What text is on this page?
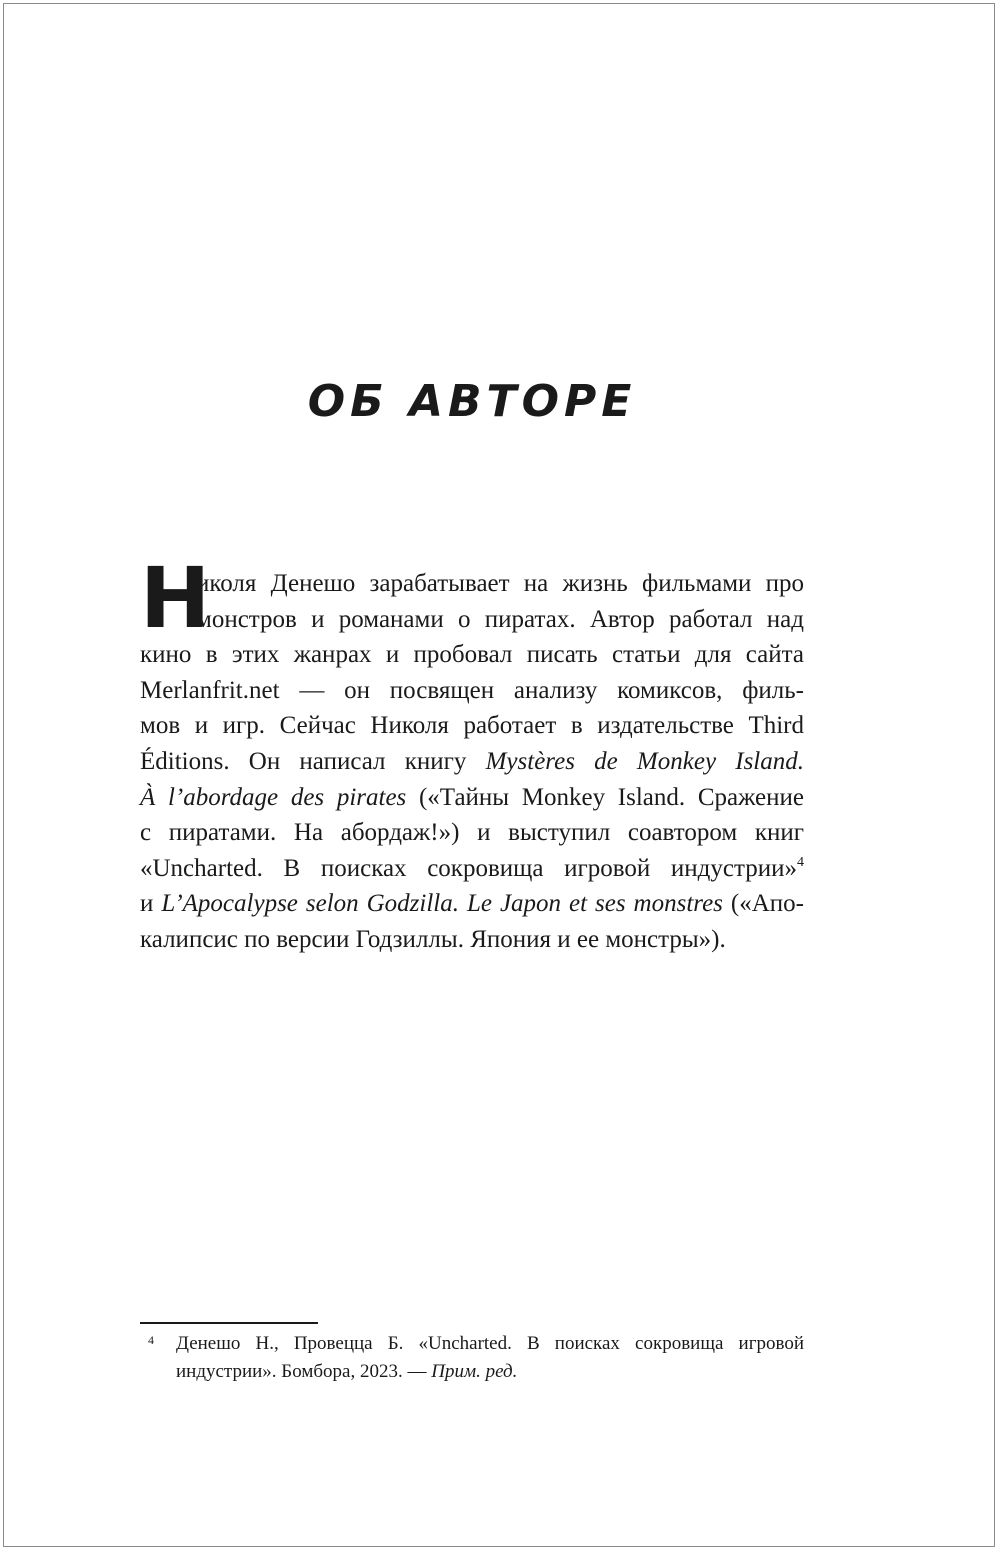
ОБ АВТОРЕ
Н
иколя Денешо зарабатывает на жизнь фильмами про
монстров и романами о пиратах. Автор работал над
кино в этих жанрах и пробовал писать статьи для сайта
Merlanfrit.net — он посвящен анализу комиксов, филь-
мов и игр. Сейчас Николя работает в издательстве Third
Éditions. Он написал книгу Mystères de Monkey Island.
À l’abordage des pirates («Тайны Monkey Island. Сражение
с пиратами. На абордаж!») и выступил соавтором книг
«Uncharted. В поисках сокровища игровой индустрии»$^4$
и L’Apocalypse selon Godzilla. Le Japon et ses monstres («Апо-
калипсис по версии Годзиллы. Япония и ее монстры»).
4	Денешо Н., Провецца Б. «Uncharted. В поисках сокровища игровой
индустрии». Бомбора, 2023. — Прим. ред.
